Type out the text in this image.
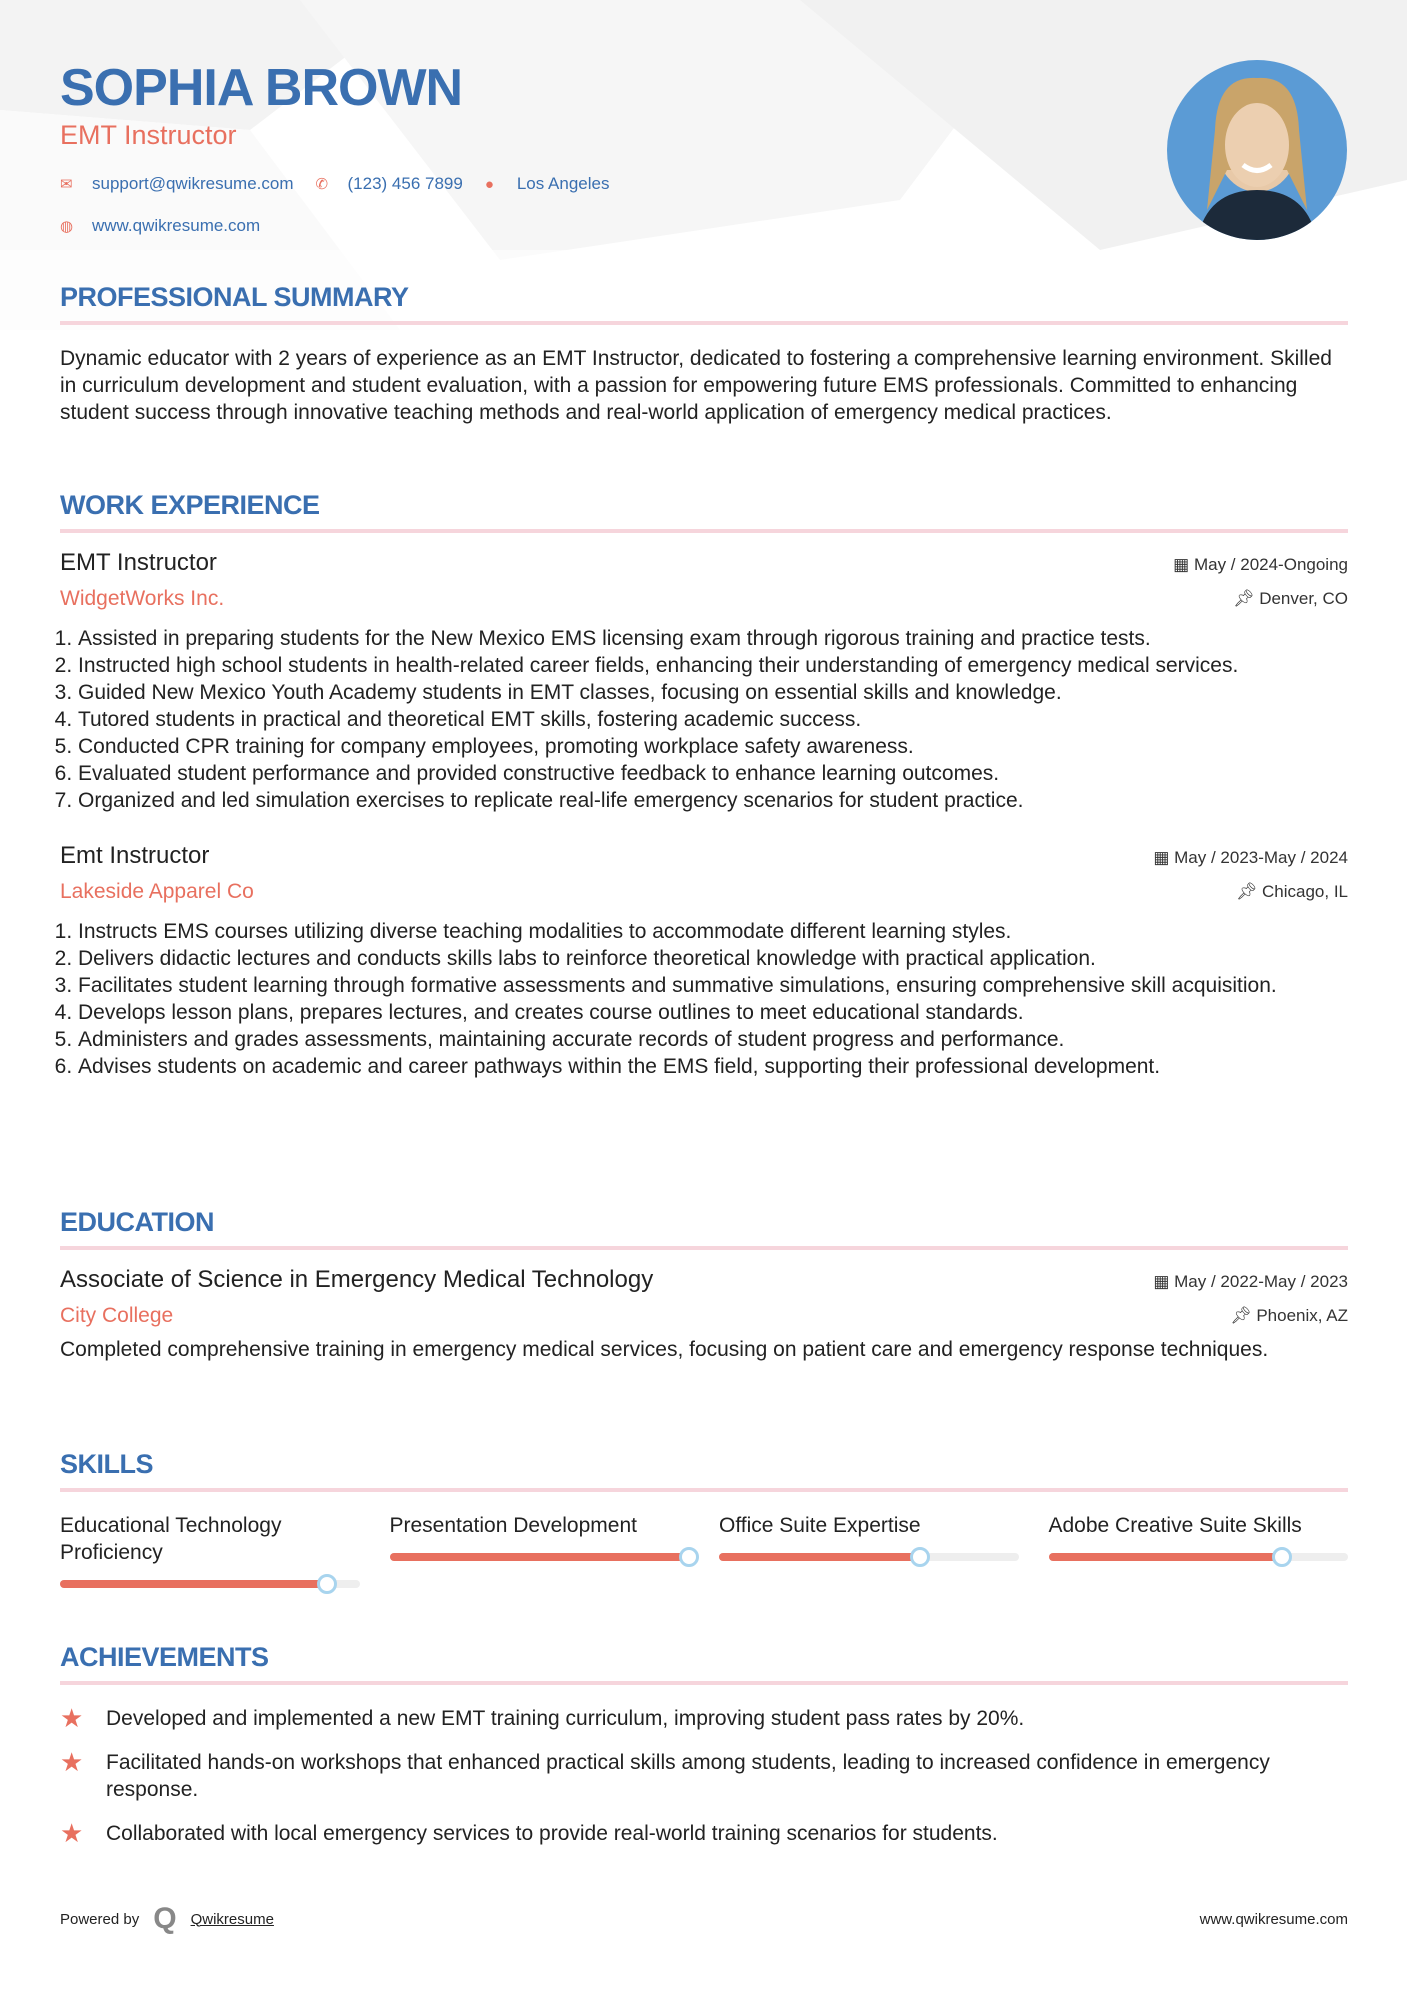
SOPHIA BROWN
EMT Instructor
✉	support@qwikresume.com ✆	(123) 456 7899 ●	Los Angeles
◍	www.qwikresume.com
PROFESSIONAL SUMMARY
Dynamic educator with 2 years of experience as an EMT Instructor, dedicated to fostering a comprehensive learning environment. Skilled in curriculum development and student evaluation, with a passion for empowering future EMS professionals. Committed to enhancing student success through innovative teaching methods and real-world application of emergency medical practices.
WORK EXPERIENCE
EMT Instructor	▦ May / 2024-Ongoing
WidgetWorks Inc.	📌︎ Denver, CO
1. Assisted in preparing students for the New Mexico EMS licensing exam through rigorous training and practice tests.
2. Instructed high school students in health-related career fields, enhancing their understanding of emergency medical services.
3. Guided New Mexico Youth Academy students in EMT classes, focusing on essential skills and knowledge.
4. Tutored students in practical and theoretical EMT skills, fostering academic success.
5. Conducted CPR training for company employees, promoting workplace safety awareness.
6. Evaluated student performance and provided constructive feedback to enhance learning outcomes.
7. Organized and led simulation exercises to replicate real-life emergency scenarios for student practice.
Emt Instructor	▦ May / 2023-May / 2024
Lakeside Apparel Co	📌︎ Chicago, IL
1. Instructs EMS courses utilizing diverse teaching modalities to accommodate different learning styles.
2. Delivers didactic lectures and conducts skills labs to reinforce theoretical knowledge with practical application.
3. Facilitates student learning through formative assessments and summative simulations, ensuring comprehensive skill acquisition.
4. Develops lesson plans, prepares lectures, and creates course outlines to meet educational standards.
5. Administers and grades assessments, maintaining accurate records of student progress and performance.
6. Advises students on academic and career pathways within the EMS field, supporting their professional development.
EDUCATION
Associate of Science in Emergency Medical Technology	▦ May / 2022-May / 2023
City College	📌︎ Phoenix, AZ
Completed comprehensive training in emergency medical services, focusing on patient care and emergency response techniques.
SKILLS
Educational Technology Proficiency
Presentation Development	Office Suite Expertise	Adobe Creative Suite Skills
ACHIEVEMENTS
★	Developed and implemented a new EMT training curriculum, improving student pass rates by 20%.
★	Facilitated hands-on workshops that enhanced practical skills among students, leading to increased confidence in emergency response.
★	Collaborated with local emergency services to provide real-world training scenarios for students.
Powered by Q Qwikresume	www.qwikresume.com
